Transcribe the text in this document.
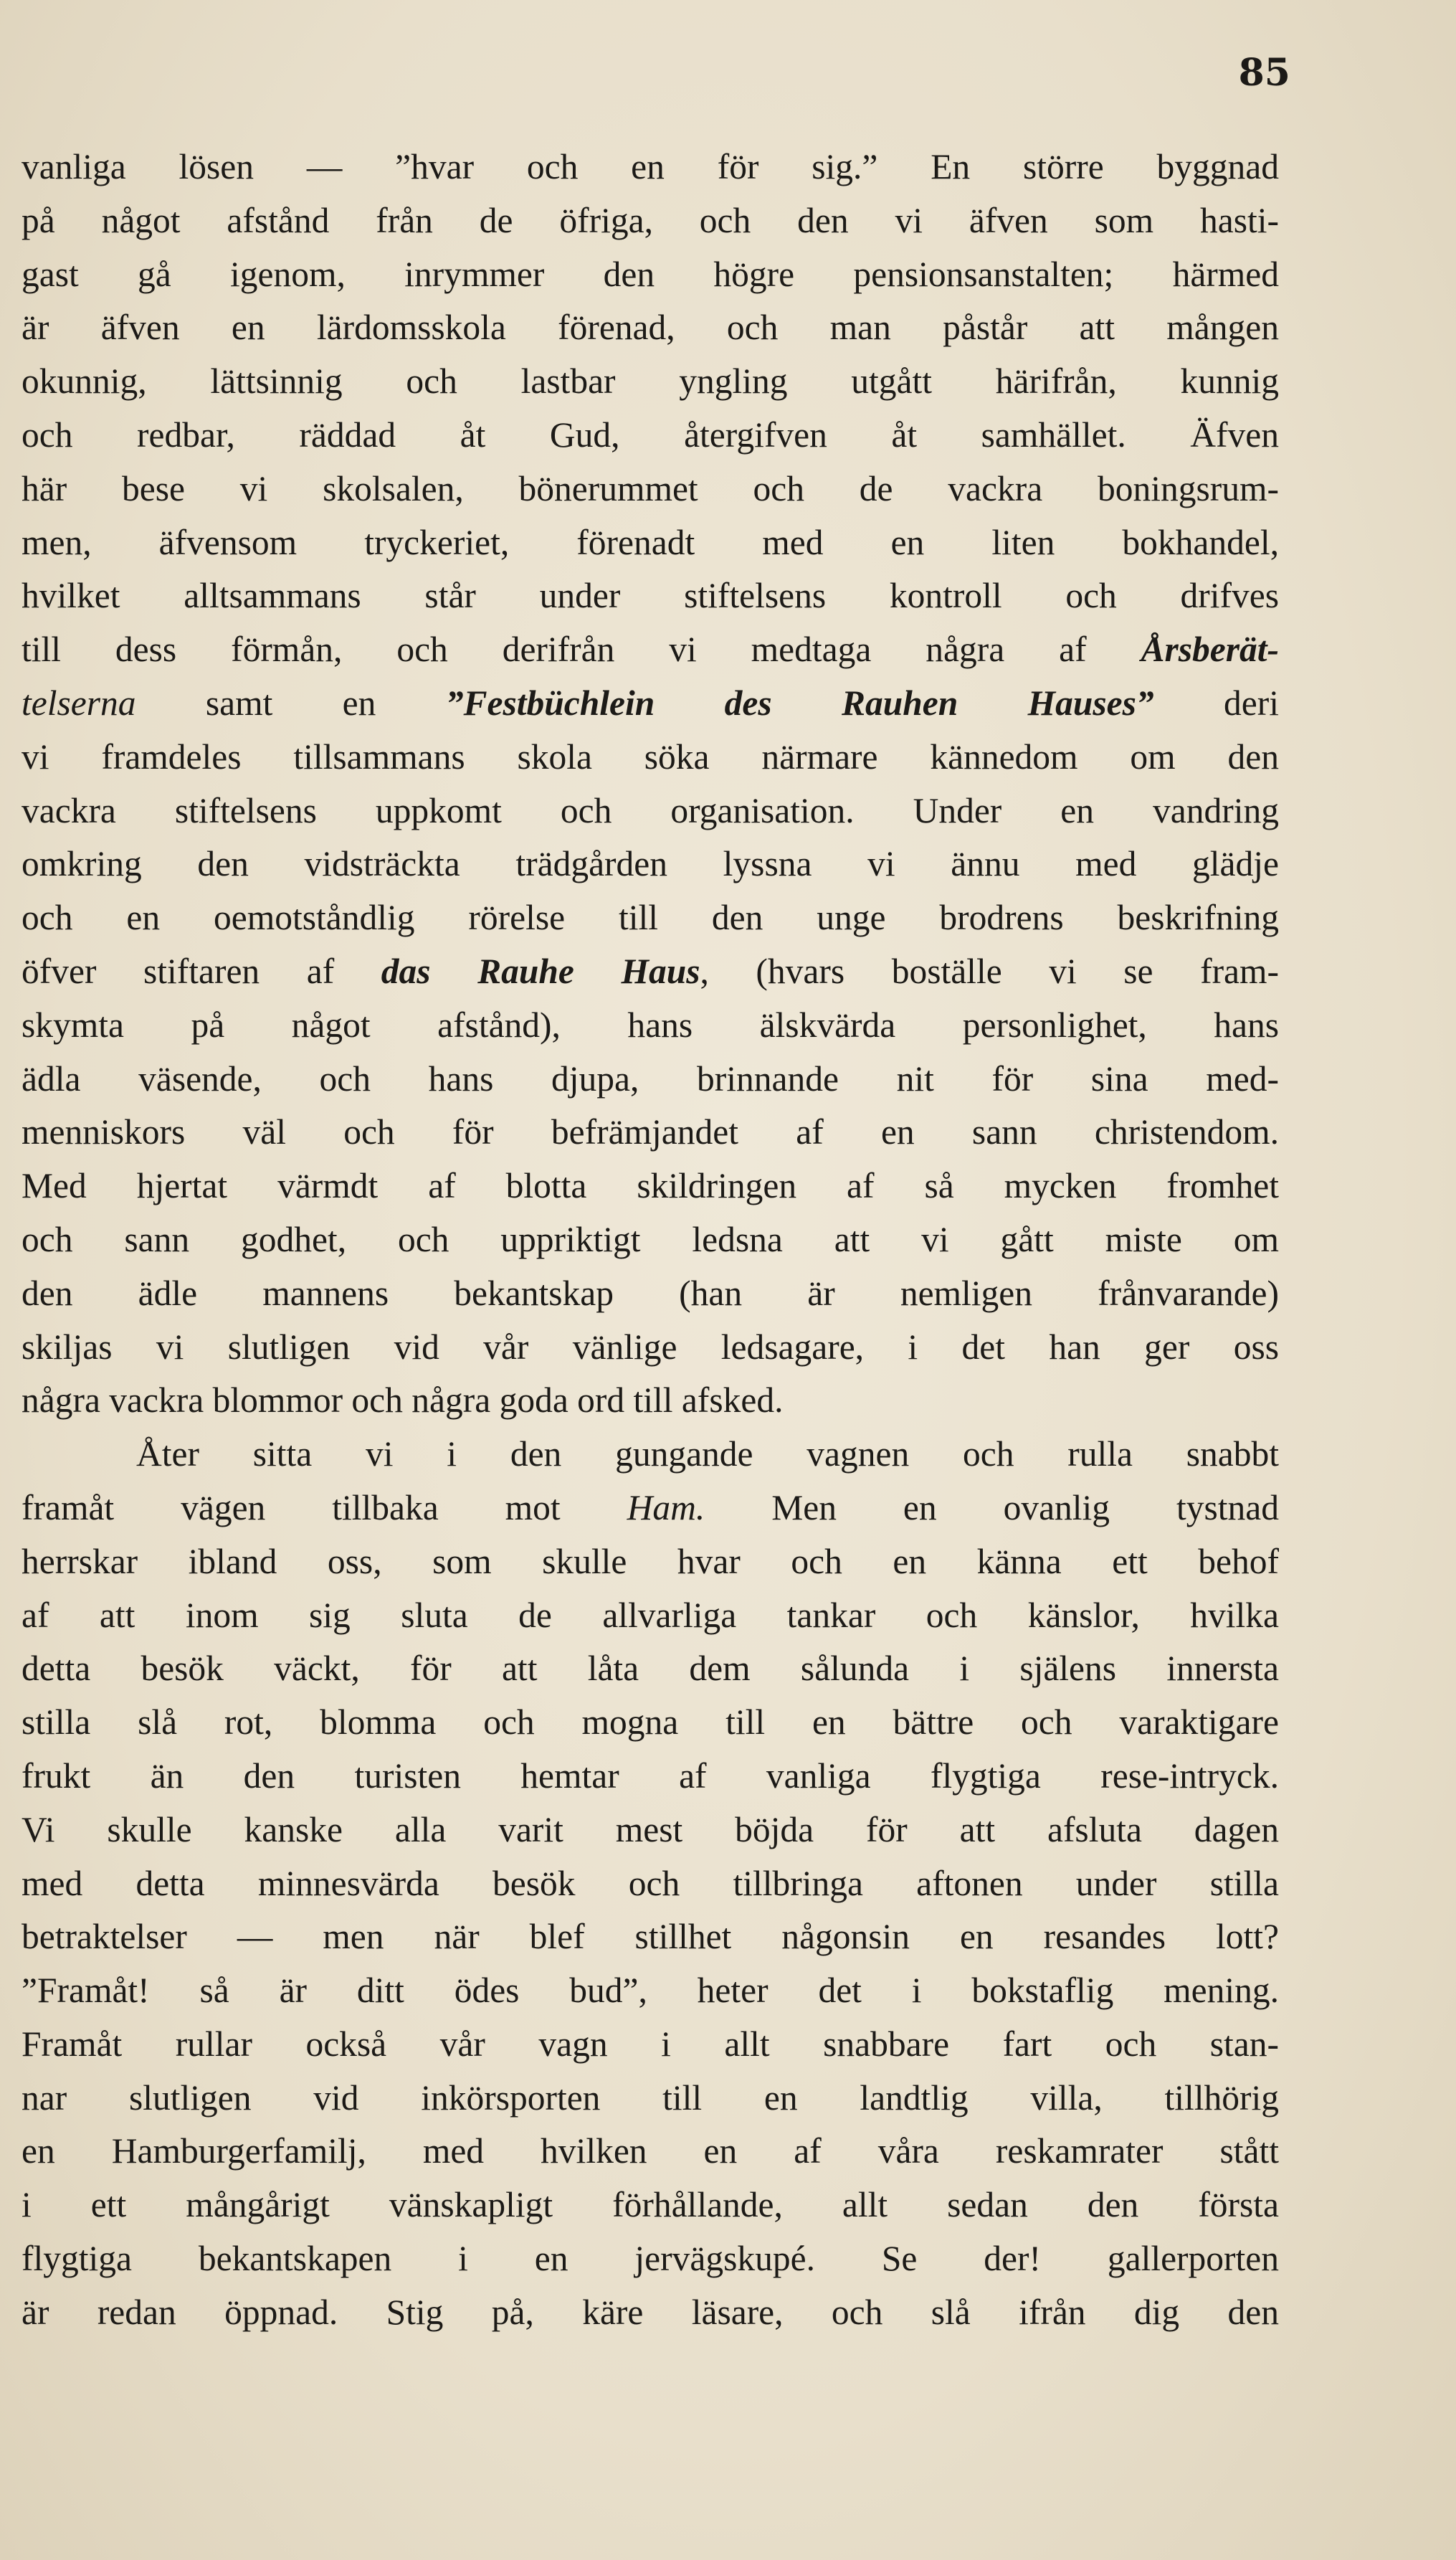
85
vanliga lösen — ”hvar och en för sig.” En större byggnad
på något afstånd från de öfriga, och den vi äfven som hasti-
gast gå igenom, inrymmer den högre pensionsanstalten; härmed
är äfven en lärdomsskola förenad, och man påstår att mången
okunnig, lättsinnig och lastbar yngling utgått härifrån, kunnig
och redbar, räddad åt Gud, återgifven åt samhället. Äfven
här bese vi skolsalen, bönerummet och de vackra boningsrum-
men, äfvensom tryckeriet, förenadt med en liten bokhandel,
hvilket alltsammans står under stiftelsens kontroll och drifves
till dess förmån, och derifrån vi medtaga några af Årsberät-
telserna samt en ”Festbüchlein des Rauhen Hauses” deri
vi framdeles tillsammans skola söka närmare kännedom om den
vackra stiftelsens uppkomt och organisation. Under en vandring
omkring den vidsträckta trädgården lyssna vi ännu med glädje
och en oemotståndlig rörelse till den unge brodrens beskrifning
öfver stiftaren af das Rauhe Haus, (hvars boställe vi se fram-
skymta på något afstånd), hans älskvärda personlighet, hans
ädla väsende, och hans djupa, brinnande nit för sina med-
menniskors väl och för befrämjandet af en sann christendom.
Med hjertat värmdt af blotta skildringen af så mycken fromhet
och sann godhet, och uppriktigt ledsna att vi gått miste om
den ädle mannens bekantskap (han är nemligen frånvarande)
skiljas vi slutligen vid vår vänlige ledsagare, i det han ger oss
några vackra blommor och några goda ord till afsked.
Åter sitta vi i den gungande vagnen och rulla snabbt
framåt vägen tillbaka mot Ham. Men en ovanlig tystnad
herrskar ibland oss, som skulle hvar och en känna ett behof
af att inom sig sluta de allvarliga tankar och känslor, hvilka
detta besök väckt, för att låta dem sålunda i själens innersta
stilla slå rot, blomma och mogna till en bättre och varaktigare
frukt än den turisten hemtar af vanliga flygtiga rese-intryck.
Vi skulle kanske alla varit mest böjda för att afsluta dagen
med detta minnesvärda besök och tillbringa aftonen under stilla
betraktelser — men när blef stillhet någonsin en resandes lott?
”Framåt! så är ditt ödes bud”, heter det i bokstaflig mening.
Framåt rullar också vår vagn i allt snabbare fart och stan-
nar slutligen vid inkörsporten till en landtlig villa, tillhörig
en Hamburgerfamilj, med hvilken en af våra reskamrater stått
i ett mångårigt vänskapligt förhållande, allt sedan den första
flygtiga bekantskapen i en jervägskupé. Se der! gallerporten
är redan öppnad. Stig på, käre läsare, och slå ifrån dig den
